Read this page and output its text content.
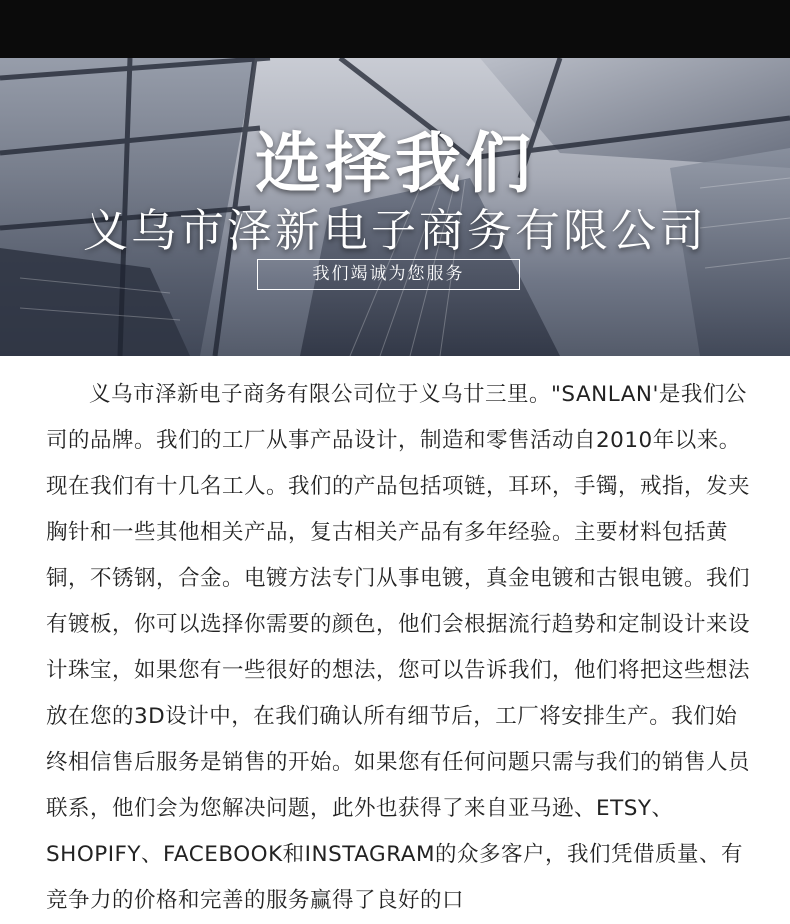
选择我们
义乌市泽新电子商务有限公司
我们竭诚为您服务

义乌市泽新电子商务有限公司位于义乌廿三里。"SANLAN'是我们公司的品牌。我们的工厂从事产品设计，制造和零售活动自2010年以来。现在我们有十几名工人。我们的产品包括项链，耳环，手镯，戒指，发夹胸针和一些其他相关产品，复古相关产品有多年经验。主要材料包括黄铜，不锈钢，合金。电镀方法专门从事电镀，真金电镀和古银电镀。我们有镀板，你可以选择你需要的颜色，他们会根据流行趋势和定制设计来设计珠宝，如果您有一些很好的想法，您可以告诉我们，他们将把这些想法放在您的3D设计中，在我们确认所有细节后，工厂将安排生产。我们始终相信售后服务是销售的开始。如果您有任何问题只需与我们的销售人员联系，他们会为您解决问题，此外也获得了来自亚马逊、ETSY、SHOPIFY、FACEBOOK和INSTAGRAM的众多客户，我们凭借质量、有竞争力的价格和完善的服务赢得了良好的口
